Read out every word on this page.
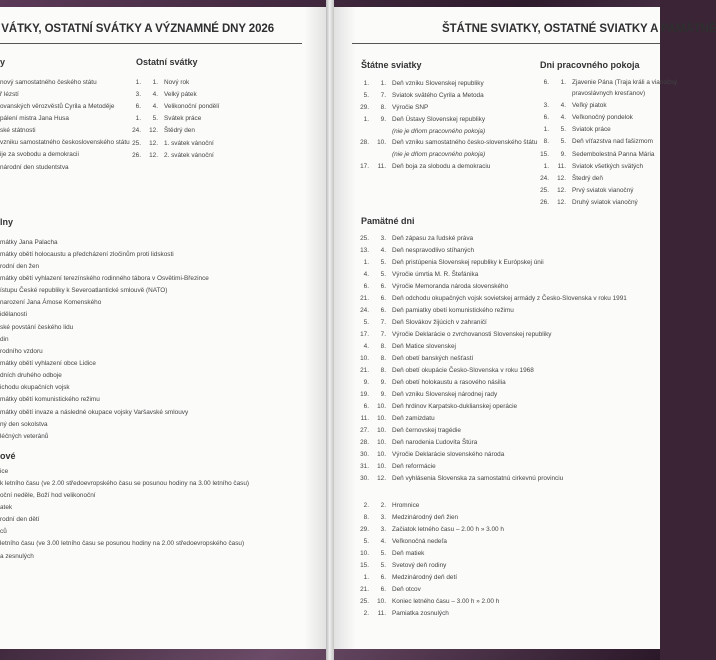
VÁTKY, OSTATNÍ SVÁTKY A VÝZNAMNÉ DNY 2026
y
nový samostatného českého státu
ř lézstí
ovanských věrozvěstů Cyrila a Metoděje
pálení mistra Jana Husa
ské státnosti
vzniku samostatného československého státu
ije za svobodu a demokracii
národní den studentstva
Ostatní svátky
1.	1. Nový rok
3.	4. Velký pátek
6.	4. Velikonoční pondělí
1.	5. Svátek práce
24.	12. Štědrý den
25.	12. 1. svátek vánoční
26.	12. 2. svátek vánoční
lny
mátky Jana Palacha
mátky obětí holocaustu a předcházení zločinům proti lidskosti
rodní den žen
mátky obětí vyhlazení terezínského rodinného tábora v Osvětimi-Březince
ístupu České republiky k Severoatlantické smlouvě (NATO)
narození Jana Ámose Komenského
idělanosti
ské povstání českého lidu
din
rodního vzdoru
mátky obětí vyhlazení obce Lidice
dních druhého odboje
ichodu okupačních vojsk
mátky obětí komunistického režimu
mátky obětí invaze a následné okupace vojsky Varšavské smlouvy
ný den sokolstva
léčných veteránů
ové
ice
k letního času (ve 2.00 středoevropského času se posunou hodiny na 3.00 letního času)
oční neděle, Boží hod velikonoční
atek
rodní den dětí
ců
letního času (ve 3.00 letního času se posunou hodiny na 2.00 středoevropského času)
a zesnulých
ŠTÁTNE SVIATKY, OSTATNÉ SVIATKY A PAMÄTNÉ
Štátne sviatky
1.	1. Deň vzniku Slovenskej republiky
5.	7. Sviatok svätého Cyrila a Metoda
29.	8. Výročie SNP
1.	9. Deň Ústavy Slovenskej republiky
(nie je dňom pracovného pokoja)
28.	10. Deň vzniku samostatného česko-slovenského štátu
(nie je dňom pracovného pokoja)
17.	11. Deň boja za slobodu a demokraciu
Dni pracovného pokoja
6.	1. Zjavenie Pána (Traja králi a vianočný
pravoslávnych kresťanov)
3.	4. Veľký piatok
6.	4. Veľkonočný pondelok
1.	5. Sviatok práce
8.	5. Deň víťazstva nad fašizmom
15.	9. Sedembolestná Panna Mária
1.	11. Sviatok všetkých svätých
24.	12. Štedrý deň
25.	12. Prvý sviatok vianočný
26.	12. Druhý sviatok vianočný
Pamätné dni
25.	3. Deň zápasu za ľudské práva
13.	4. Deň nespravodlivo stíhaných
1.	5. Deň pristúpenia Slovenskej republiky k Európskej únii
4.	5. Výročie úmrtia M. R. Štefánika
6.	6. Výročie Memoranda národa slovenského
21.	6. Deň odchodu okupačných vojsk sovietskej armády z Česko-Slovenska v roku 1991
24.	6. Deň pamiatky obetí komunistického režimu
5.	7. Deň Slovákov žijúcich v zahraničí
17.	7. Výročie Deklarácie o zvrchovanosti Slovenskej republiky
4.	8. Deň Matice slovenskej
10.	8. Deň obetí banských nešťastí
21.	8. Deň obetí okupácie Česko-Slovenska v roku 1968
9.	9. Deň obetí holokaustu a rasového násilia
19.	9. Deň vzniku Slovenskej národnej rady
6.	10. Deň hrdinov Karpatsko-duklianskej operácie
11.	10. Deň zamizdatu
27.	10. Deň černovskej tragédie
28.	10. Deň narodenia Ľudovíta Štúra
30.	10. Výročie Deklarácie slovenského národa
31.	10. Deň reformácie
30.	12. Deň vyhlásenia Slovenska za samostatnú cirkevnú provinciu
2.	2. Hromnice
8.	3. Medzinárodný deň žien
29.	3. Začiatok letného času – 2.00 h » 3.00 h
5.	4. Veľkonočná nedeľa
10.	5. Deň matiek
15.	5. Svetový deň rodiny
1.	6. Medzinárodný deň detí
21.	6. Deň otcov
25.	10. Koniec letného času – 3.00 h » 2.00 h
2.	11. Pamiatka zosnulých
